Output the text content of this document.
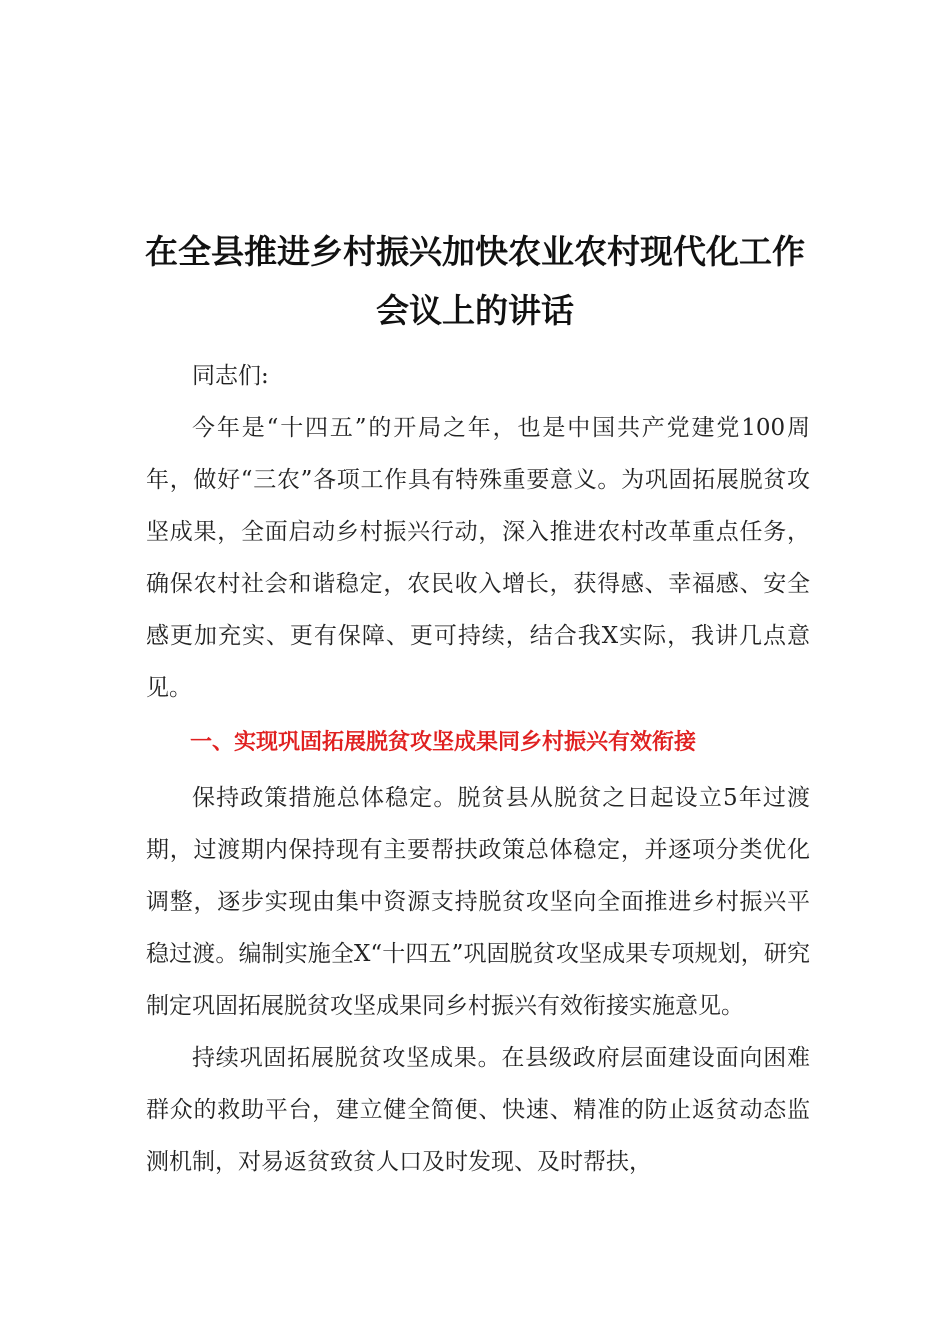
在全县推进乡村振兴加快农业农村现代化工作会议上的讲话

同志们:

今年是“十四五”的开局之年，也是中国共产党建党100周年，做好“三农”各项工作具有特殊重要意义。为巩固拓展脱贫攻坚成果，全面启动乡村振兴行动，深入推进农村改革重点任务，确保农村社会和谐稳定，农民收入增长，获得感、幸福感、安全感更加充实、更有保障、更可持续，结合我X实际，我讲几点意见。

一、实现巩固拓展脱贫攻坚成果同乡村振兴有效衔接

保持政策措施总体稳定。脱贫县从脱贫之日起设立5年过渡期，过渡期内保持现有主要帮扶政策总体稳定，并逐项分类优化调整，逐步实现由集中资源支持脱贫攻坚向全面推进乡村振兴平稳过渡。编制实施全X“十四五”巩固脱贫攻坚成果专项规划，研究制定巩固拓展脱贫攻坚成果同乡村振兴有效衔接实施意见。

持续巩固拓展脱贫攻坚成果。在县级政府层面建设面向困难群众的救助平台，建立健全简便、快速、精准的防止返贫动态监测机制，对易返贫致贫人口及时发现、及时帮扶，
